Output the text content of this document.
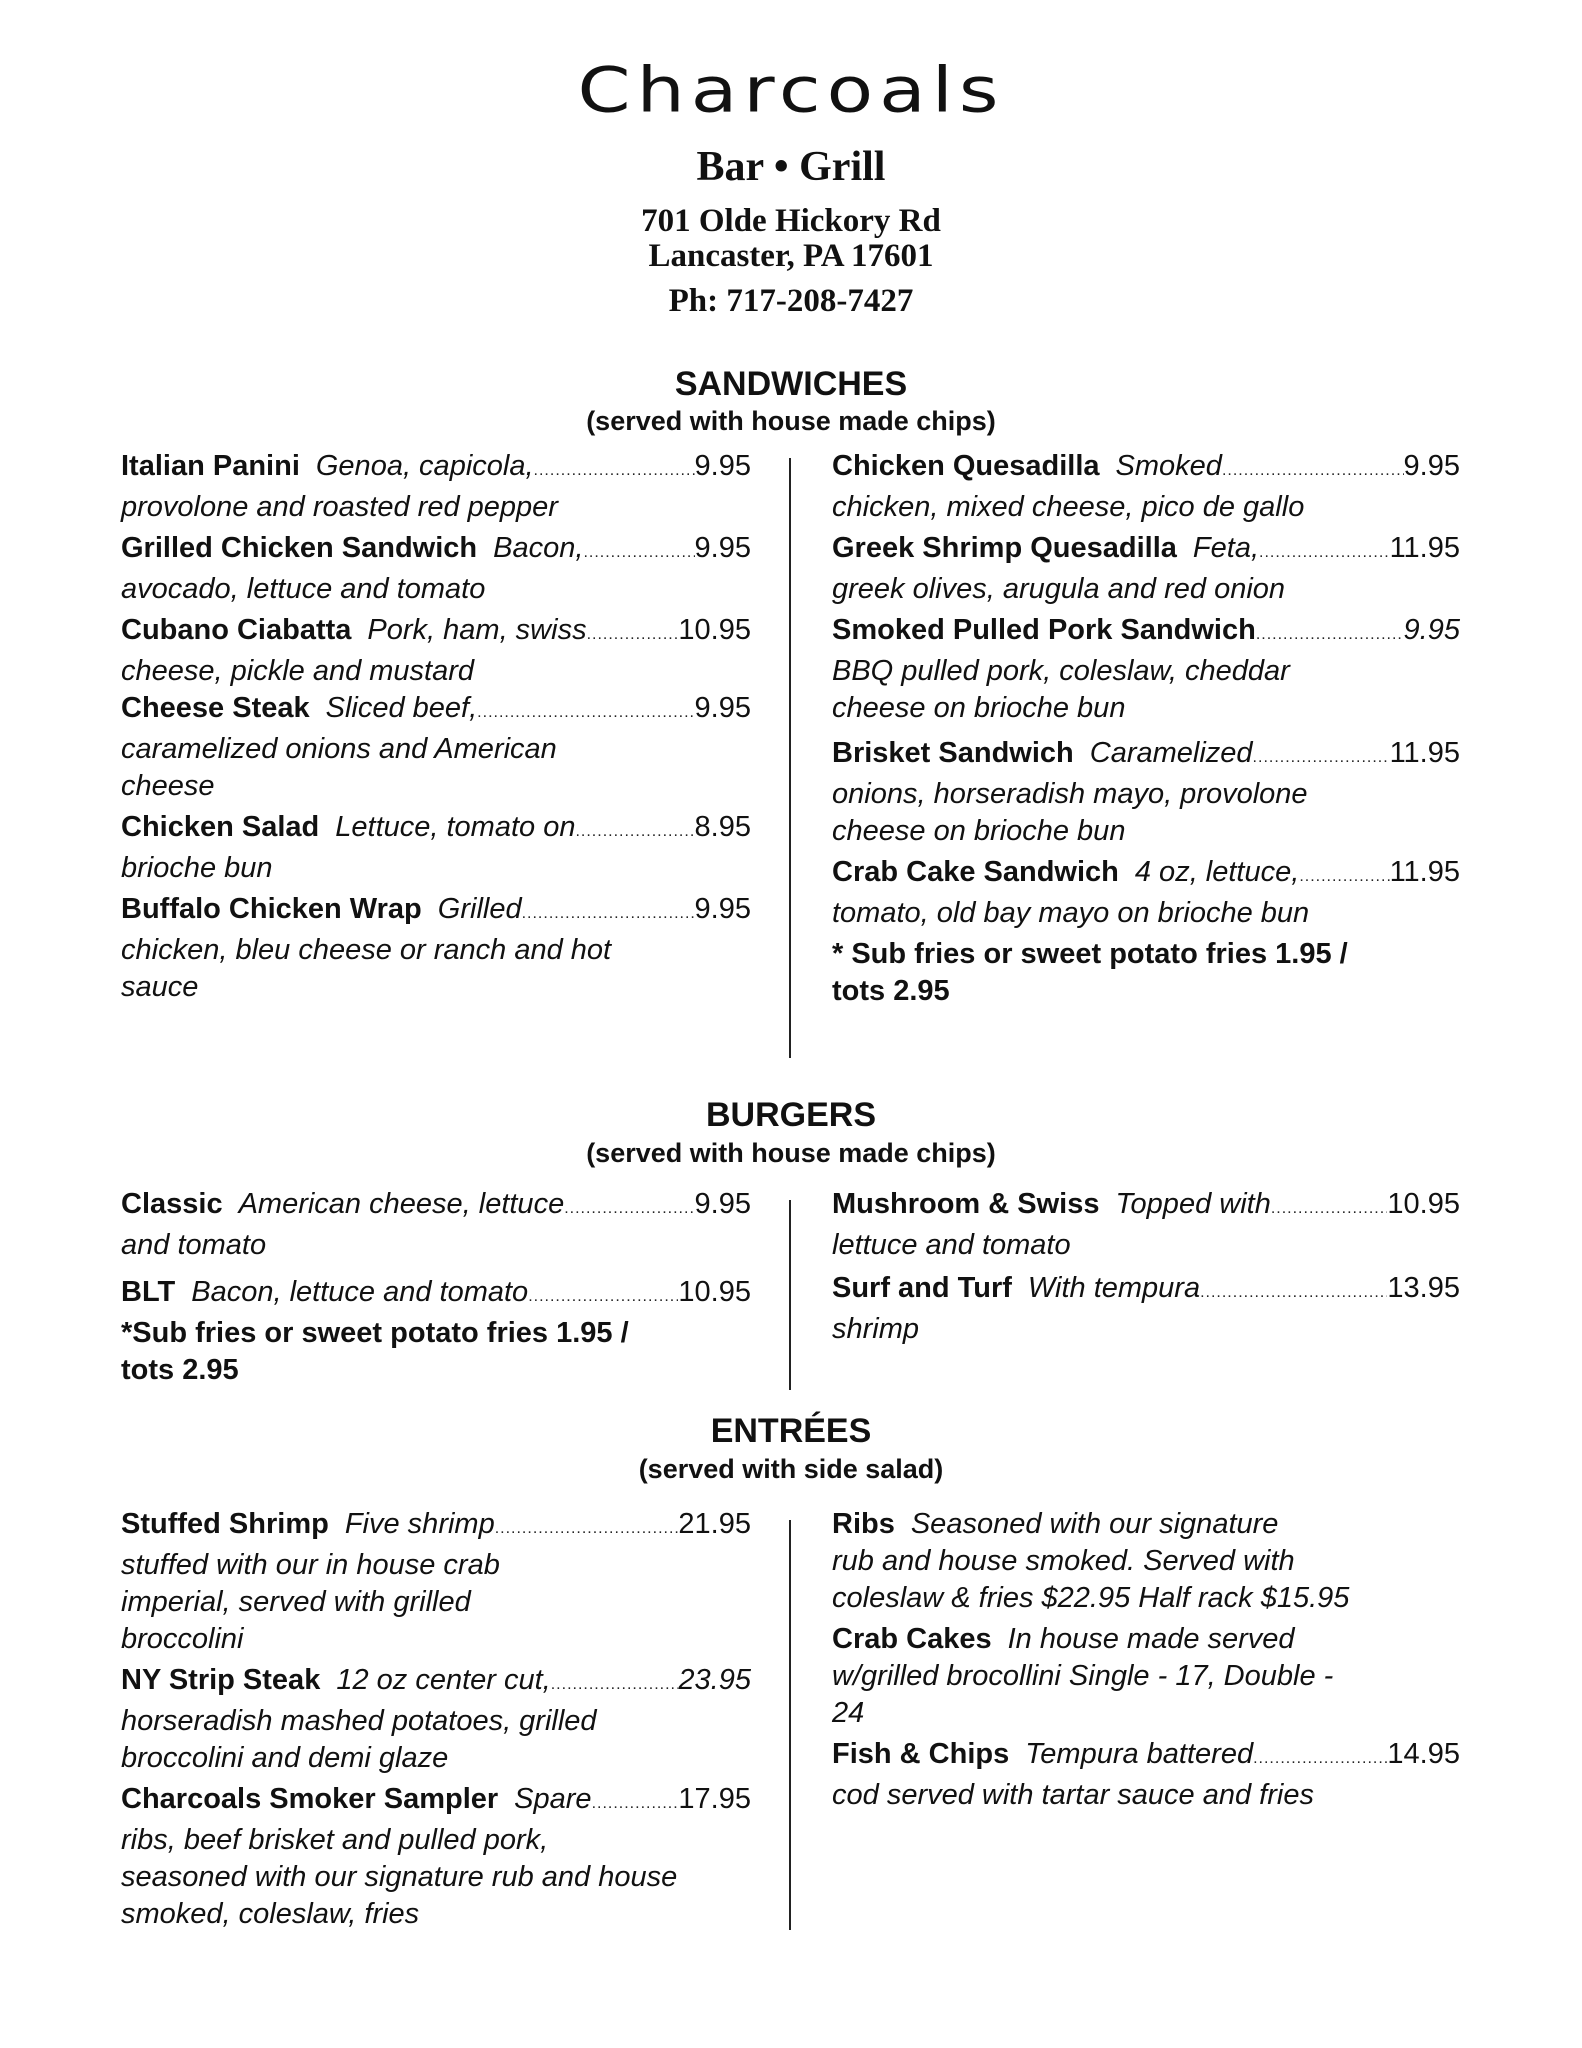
Charcoals
Bar • Grill
701 Olde Hickory Rd
Lancaster, PA 17601
Ph: 717-208-7427
SANDWICHES
(served with house made chips)
Italian Panini Genoa, capicola, .....	9.95
provolone and roasted red pepper
Grilled Chicken Sandwich Bacon, .....	9.95
avocado, lettuce and tomato
Cubano Ciabatta Pork, ham, swiss .....	10.95
cheese, pickle and mustard
Cheese Steak Sliced beef, .....	9.95
caramelized onions and American cheese
Chicken Salad Lettuce, tomato on .....	8.95
brioche bun
Buffalo Chicken Wrap Grilled .....	9.95
chicken, bleu cheese or ranch and hot sauce
Chicken Quesadilla Smoked .....	9.95
chicken, mixed cheese, pico de gallo
Greek Shrimp Quesadilla Feta, .....	11.95
greek olives, arugula and red onion
Smoked Pulled Pork Sandwich .....	9.95
BBQ pulled pork, coleslaw, cheddar cheese on brioche bun
Brisket Sandwich Caramelized .....	11.95
onions, horseradish mayo, provolone cheese on brioche bun
Crab Cake Sandwich 4 oz, lettuce, .....	11.95
tomato, old bay mayo on brioche bun
* Sub fries or sweet potato fries 1.95 / tots 2.95
BURGERS
(served with house made chips)
Classic American cheese, lettuce .....	9.95
and tomato
BLT Bacon, lettuce and tomato .....	10.95
*Sub fries or sweet potato fries 1.95 / tots 2.95
Mushroom & Swiss Topped with .....	10.95
lettuce and tomato
Surf and Turf With tempura .....	13.95
shrimp
ENTRÉES
(served with side salad)
Stuffed Shrimp Five shrimp .....	21.95
stuffed with our in house crab imperial, served with grilled broccolini
NY Strip Steak 12 oz center cut, .....	23.95
horseradish mashed potatoes, grilled broccolini and demi glaze
Charcoals Smoker Sampler Spare .....	17.95
ribs, beef brisket and pulled pork, seasoned with our signature rub and house smoked, coleslaw, fries
Ribs Seasoned with our signature
rub and house smoked. Served with coleslaw & fries $22.95 Half rack $15.95
Crab Cakes In house made served
w/grilled brocollini Single - 17, Double - 24
Fish & Chips Tempura battered .....	14.95
cod served with tartar sauce and fries
